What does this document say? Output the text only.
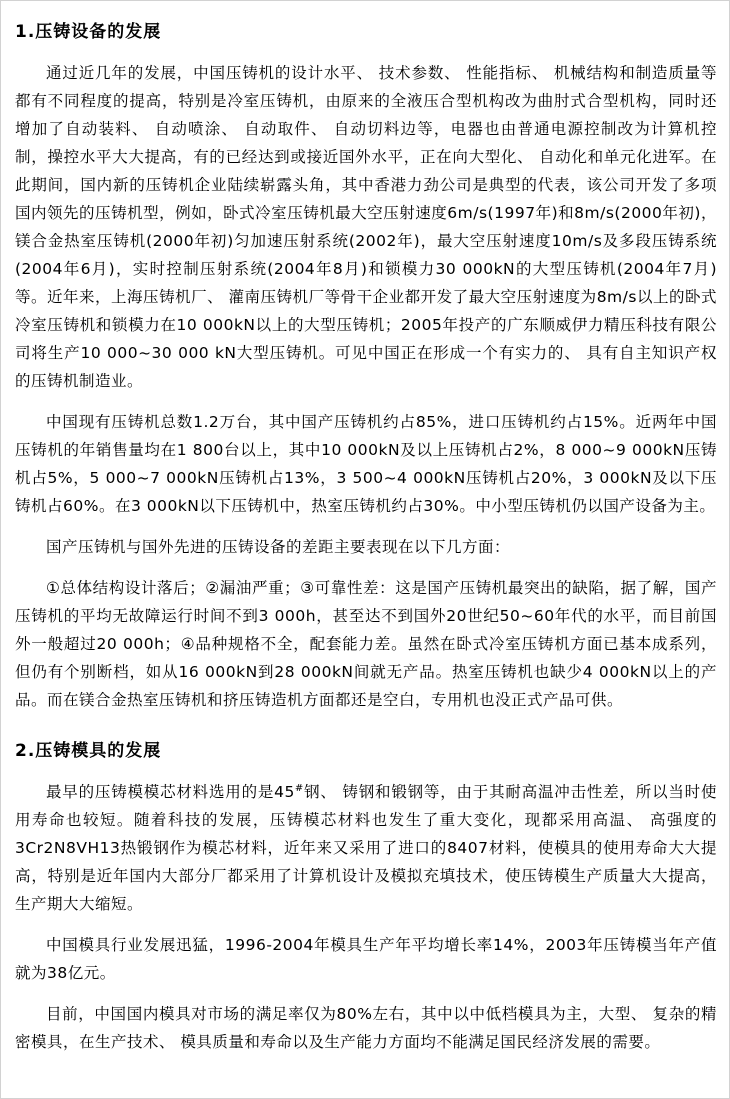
1.压铸设备的发展

通过近几年的发展，中国压铸机的设计水平、 技术参数、 性能指标、 机械结构和制造质量等都有不同程度的提高，特别是冷室压铸机，由原来的全液压合型机构改为曲肘式合型机构，同时还增加了自动装料、 自动喷涂、 自动取件、 自动切料边等，电器也由普通电源控制改为计算机控制，操控水平大大提高，有的已经达到或接近国外水平，正在向大型化、 自动化和单元化进军。在此期间，国内新的压铸机企业陆续崭露头角，其中香港力劲公司是典型的代表，该公司开发了多项国内领先的压铸机型，例如，卧式冷室压铸机最大空压射速度6m/s(1997年)和8m/s(2000年初)，镁合金热室压铸机(2000年初)匀加速压射系统(2002年)，最大空压射速度10m/s及多段压铸系统(2004年6月)，实时控制压射系统(2004年8月)和锁模力30 000kN的大型压铸机(2004年7月)等。近年来，上海压铸机厂、 灌南压铸机厂等骨干企业都开发了最大空压射速度为8m/s以上的卧式冷室压铸机和锁模力在10 000kN以上的大型压铸机；2005年投产的广东顺威伊力精压科技有限公司将生产10 000~30 000 kN大型压铸机。可见中国正在形成一个有实力的、 具有自主知识产权的压铸机制造业。

中国现有压铸机总数1.2万台，其中国产压铸机约占85%，进口压铸机约占15%。近两年中国压铸机的年销售量均在1 800台以上，其中10 000kN及以上压铸机占2%，8 000~9 000kN压铸机占5%，5 000~7 000kN压铸机占13%，3 500~4 000kN压铸机占20%，3 000kN及以下压铸机占60%。在3 000kN以下压铸机中，热室压铸机约占30%。中小型压铸机仍以国产设备为主。

国产压铸机与国外先进的压铸设备的差距主要表现在以下几方面：

①总体结构设计落后；②漏油严重；③可靠性差：这是国产压铸机最突出的缺陷，据了解，国产压铸机的平均无故障运行时间不到3 000h，甚至达不到国外20世纪50~60年代的水平，而目前国外一般超过20 000h；④品种规格不全，配套能力差。虽然在卧式冷室压铸机方面已基本成系列，但仍有个别断档，如从16 000kN到28 000kN间就无产品。热室压铸机也缺少4 000kN以上的产品。而在镁合金热室压铸机和挤压铸造机方面都还是空白，专用机也没正式产品可供。

2.压铸模具的发展

最早的压铸模模芯材料选用的是45#钢、 铸钢和锻钢等，由于其耐高温冲击性差，所以当时使用寿命也较短。随着科技的发展，压铸模芯材料也发生了重大变化，现都采用高温、 高强度的3Cr2N8VH13热锻钢作为模芯材料，近年来又采用了进口的8407材料，使模具的使用寿命大大提高，特别是近年国内大部分厂都采用了计算机设计及模拟充填技术，使压铸模生产质量大大提高，生产期大大缩短。

中国模具行业发展迅猛，1996-2004年模具生产年平均增长率14%，2003年压铸模当年产值就为38亿元。

目前，中国国内模具对市场的满足率仅为80%左右，其中以中低档模具为主，大型、 复杂的精密模具，在生产技术、 模具质量和寿命以及生产能力方面均不能满足国民经济发展的需要。
